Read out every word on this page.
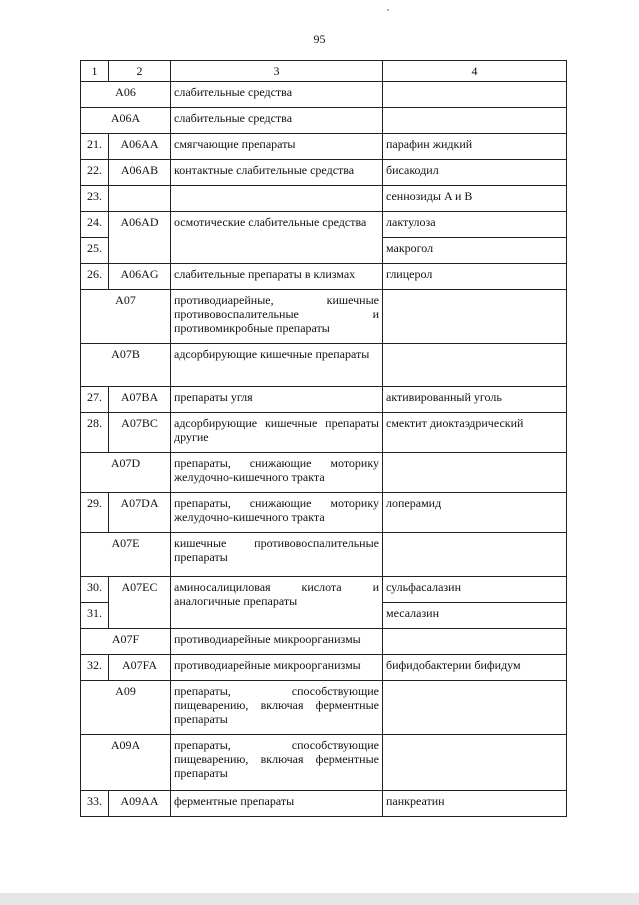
95
1	2	3	4
A06		слабительные средства	
A06A		слабительные средства	
21.	A06AA	смягчающие препараты	парафин жидкий
22.	A06AB	контактные слабительные средства	бисакодил
23.			сеннозиды A и B
24.	A06AD	осмотические слабительные средства	лактулоза
25.			макрогол
26.	A06AG	слабительные препараты в клизмах	глицерол
A07		противодиарейные, кишечные противовоспалительные и противомикробные препараты	
A07B		адсорбирующие кишечные препараты	
27.	A07BA	препараты угля	активированный уголь
28.	A07BC	адсорбирующие кишечные препараты другие	смектит диоктаэдрический
A07D		препараты, снижающие моторику желудочно-кишечного тракта	
29.	A07DA	препараты, снижающие моторику желудочно-кишечного тракта	лоперамид
A07E		кишечные противовоспалительные препараты	
30.	A07EC	аминосалициловая кислота и аналогичные препараты	сульфасалазин
31.			месалазин
A07F		противодиарейные микроорганизмы	
32.	A07FA	противодиарейные микроорганизмы	бифидобактерии бифидум
A09		препараты, способствующие пищеварению, включая ферментные препараты	
A09A		препараты, способствующие пищеварению, включая ферментные препараты	
33.	A09AA	ферментные препараты	панкреатин
